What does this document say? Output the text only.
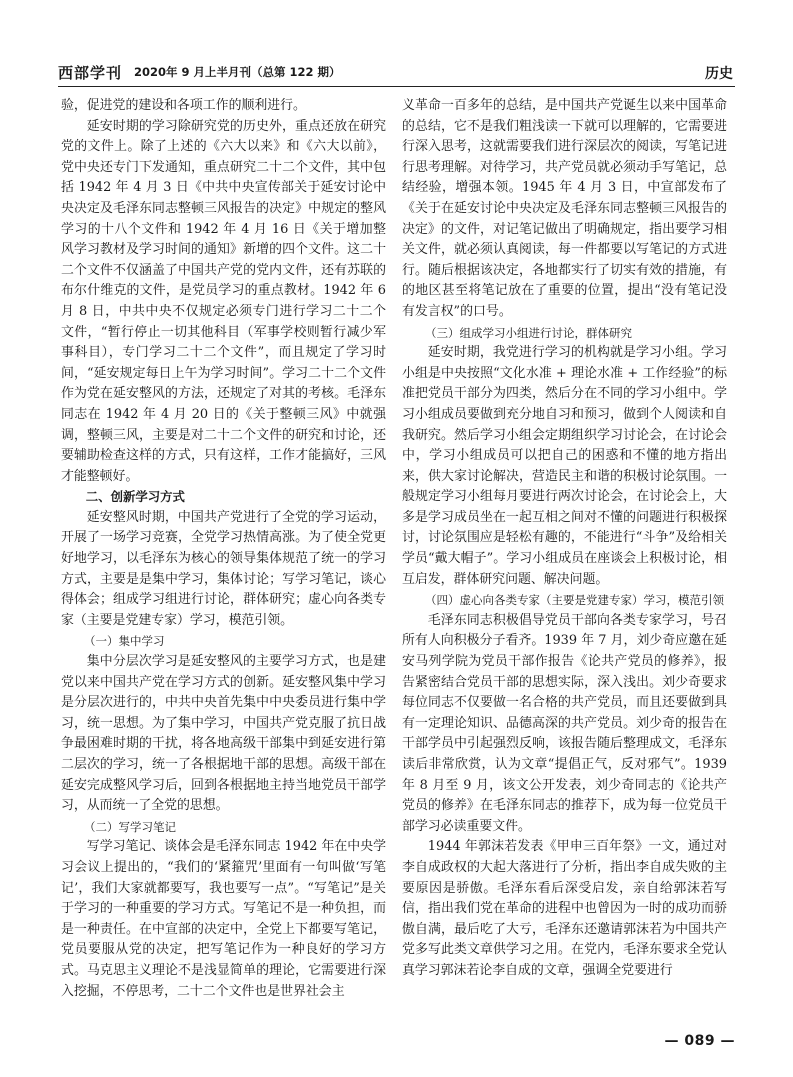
西部学刊 2020年 9 月上半月刊（总第 122 期）	历史

验，促进党的建设和各项工作的顺利进行。

延安时期的学习除研究党的历史外，重点还放在研究党的文件上。除了上述的《六大以来》和《六大以前》，党中央还专门下发通知，重点研究二十二个文件，其中包括 1942 年 4 月 3 日《中共中央宣传部关于延安讨论中央决定及毛泽东同志整顿三风报告的决定》中规定的整风学习的十八个文件和 1942 年 4 月 16 日《关于增加整风学习教材及学习时间的通知》新增的四个文件。这二十二个文件不仅涵盖了中国共产党的党内文件，还有苏联的布尔什维克的文件，是党员学习的重点教材。1942 年 6 月 8 日，中共中央不仅规定必须专门进行学习二十二个文件，“暂行停止一切其他科目（军事学校则暂行减少军事科目），专门学习二十二个文件”，而且规定了学习时间，“延安规定每日上午为学习时间”。学习二十二个文件作为党在延安整风的方法，还规定了对其的考核。毛泽东同志在 1942 年 4 月 20 日的《关于整顿三风》中就强调，整顿三风，主要是对二十二个文件的研究和讨论，还要辅助检查这样的方式，只有这样，工作才能搞好，三风才能整顿好。

二、创新学习方式

延安整风时期，中国共产党进行了全党的学习运动，开展了一场学习竞赛，全党学习热情高涨。为了使全党更好地学习，以毛泽东为核心的领导集体规范了统一的学习方式，主要是是集中学习，集体讨论；写学习笔记，谈心得体会；组成学习组进行讨论，群体研究；虚心向各类专家（主要是党建专家）学习，模范引领。

（一）集中学习

集中分层次学习是延安整风的主要学习方式，也是建党以来中国共产党在学习方式的创新。延安整风集中学习是分层次进行的，中共中央首先集中中央委员进行集中学习，统一思想。为了集中学习，中国共产党克服了抗日战争最困难时期的干扰，将各地高级干部集中到延安进行第二层次的学习，统一了各根据地干部的思想。高级干部在延安完成整风学习后，回到各根据地主持当地党员干部学习，从而统一了全党的思想。

（二）写学习笔记

写学习笔记、谈体会是毛泽东同志 1942 年在中央学习会议上提出的，“我们的‘紧箍咒’里面有一句叫做‘写笔记’，我们大家就都要写，我也要写一点”。“写笔记”是关于学习的一种重要的学习方式。写笔记不是一种负担，而是一种责任。在中宣部的决定中，全党上下都要写笔记，党员要服从党的决定，把写笔记作为一种良好的学习方式。马克思主义理论不是浅显简单的理论，它需要进行深入挖掘，不停思考，二十二个文件也是世界社会主

义革命一百多年的总结，是中国共产党诞生以来中国革命的总结，它不是我们粗浅读一下就可以理解的，它需要进行深入思考，这就需要我们进行深层次的阅读，写笔记进行思考理解。对待学习，共产党员就必须动手写笔记，总结经验，增强本领。1945 年 4 月 3 日，中宣部发布了《关于在延安讨论中央决定及毛泽东同志整顿三风报告的决定》的文件，对记笔记做出了明确规定，指出要学习相关文件，就必须认真阅读，每一件都要以写笔记的方式进行。随后根据该决定，各地都实行了切实有效的措施，有的地区甚至将笔记放在了重要的位置，提出“没有笔记没有发言权”的口号。

（三）组成学习小组进行讨论，群体研究

延安时期，我党进行学习的机构就是学习小组。学习小组是中央按照“文化水准 + 理论水准 + 工作经验”的标准把党员干部分为四类，然后分在不同的学习小组中。学习小组成员要做到充分地自习和预习，做到个人阅读和自我研究。然后学习小组会定期组织学习讨论会，在讨论会中，学习小组成员可以把自己的困惑和不懂的地方指出来，供大家讨论解决，营造民主和谐的积极讨论氛围。一般规定学习小组每月要进行两次讨论会，在讨论会上，大多是学习成员坐在一起互相之间对不懂的问题进行积极探讨，讨论氛围应是轻松有趣的，不能进行“斗争”及给相关学员“戴大帽子”。学习小组成员在座谈会上积极讨论，相互启发，群体研究问题、解决问题。

（四）虚心向各类专家（主要是党建专家）学习，模范引领

毛泽东同志积极倡导党员干部向各类专家学习，号召所有人向积极分子看齐。1939 年 7 月，刘少奇应邀在延安马列学院为党员干部作报告《论共产党员的修养》，报告紧密结合党员干部的思想实际，深入浅出。刘少奇要求每位同志不仅要做一名合格的共产党员，而且还要做到具有一定理论知识、品德高深的共产党员。刘少奇的报告在干部学员中引起强烈反响，该报告随后整理成文，毛泽东读后非常欣赏，认为文章“提倡正气，反对邪气”。1939 年 8 月至 9 月，该文公开发表，刘少奇同志的《论共产党员的修养》在毛泽东同志的推荐下，成为每一位党员干部学习必读重要文件。

1944 年郭沫若发表《甲申三百年祭》一文，通过对李自成政权的大起大落进行了分析，指出李自成失败的主要原因是骄傲。毛泽东看后深受启发，亲自给郭沫若写信，指出我们党在革命的进程中也曾因为一时的成功而骄傲自满，最后吃了大亏，毛泽东还邀请郭沫若为中国共产党多写此类文章供学习之用。在党内，毛泽东要求全党认真学习郭沫若论李自成的文章，强调全党要进行

— 089 —
